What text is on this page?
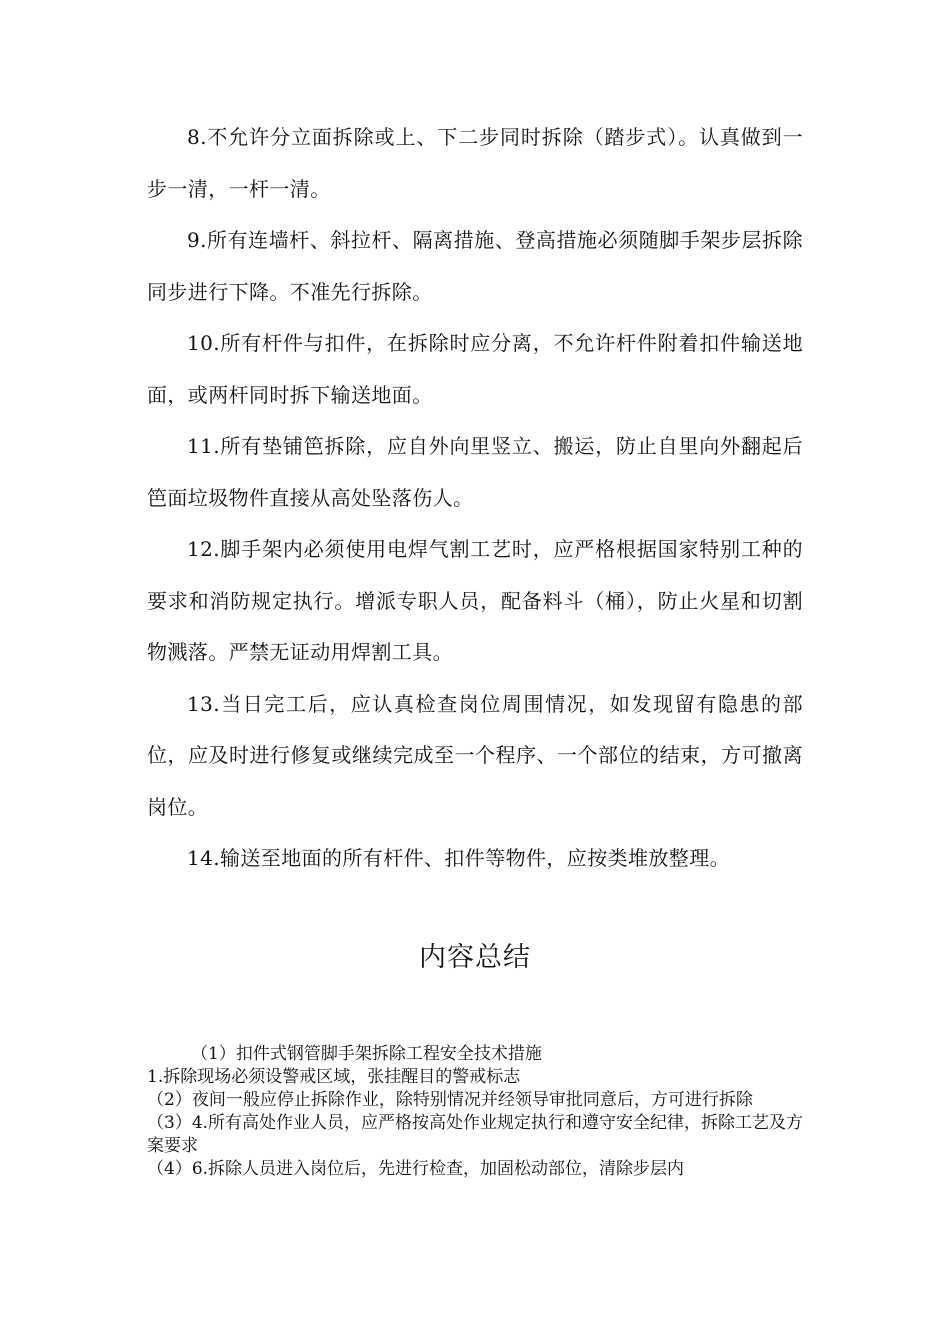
8.不允许分立面拆除或上、下二步同时拆除（踏步式）。认真做到一步一清，一杆一清。

9.所有连墙杆、斜拉杆、隔离措施、登高措施必须随脚手架步层拆除同步进行下降。不准先行拆除。

10.所有杆件与扣件，在拆除时应分离，不允许杆件附着扣件输送地面，或两杆同时拆下输送地面。

11.所有垫铺笆拆除，应自外向里竖立、搬运，防止自里向外翻起后笆面垃圾物件直接从高处坠落伤人。

12.脚手架内必须使用电焊气割工艺时，应严格根据国家特别工种的要求和消防规定执行。增派专职人员，配备料斗（桶），防止火星和切割物溅落。严禁无证动用焊割工具。

13.当日完工后，应认真检查岗位周围情况，如发现留有隐患的部位，应及时进行修复或继续完成至一个程序、一个部位的结束，方可撤离岗位。

14.输送至地面的所有杆件、扣件等物件，应按类堆放整理。

内容总结

（1）扣件式钢管脚手架拆除工程安全技术措施

1.拆除现场必须设警戒区域，张挂醒目的警戒标志

（2）夜间一般应停止拆除作业，除特别情况并经领导审批同意后，方可进行拆除

（3）4.所有高处作业人员，应严格按高处作业规定执行和遵守安全纪律，拆除工艺及方案要求

（4）6.拆除人员进入岗位后，先进行检查，加固松动部位，清除步层内
